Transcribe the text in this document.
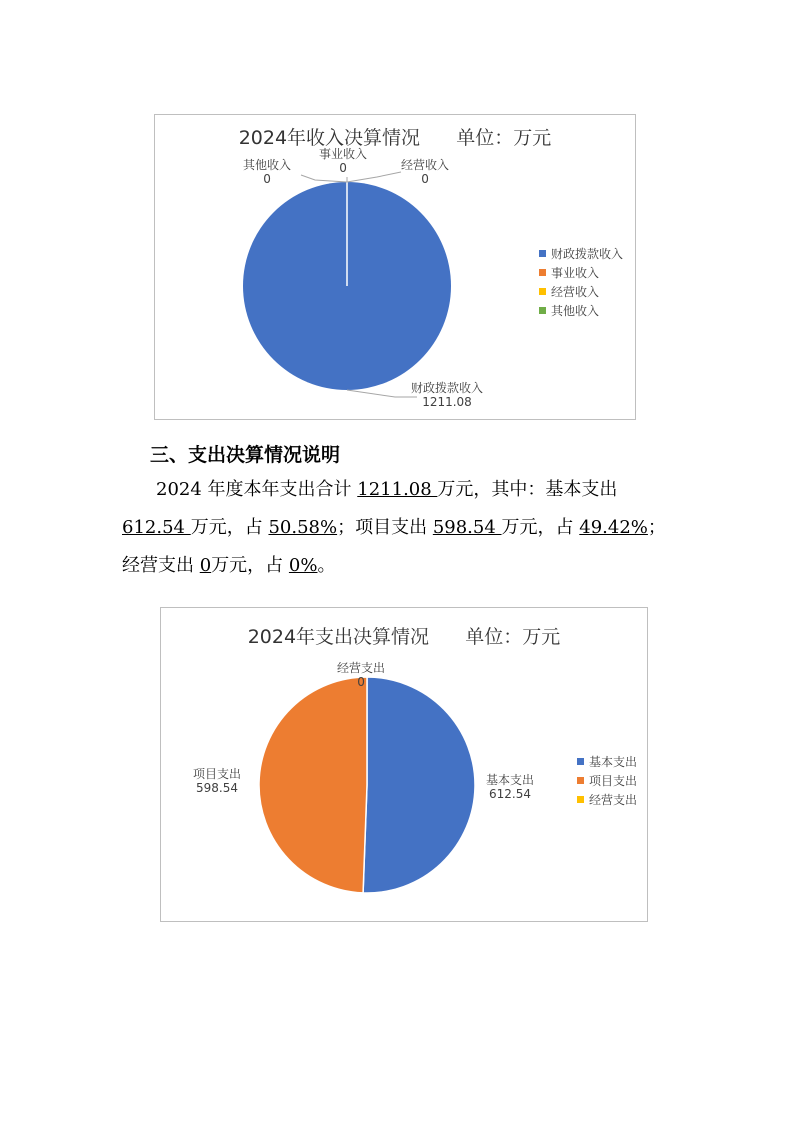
2024年收入决算情况      单位：万元
其他收入
0
事业收入
0	经营收入
0
财政拨款收入
1211.08
财政拨款收入
事业收入
经营收入
其他收入
三、支出决算情况说明
2024 年度本年支出合计 1211.08 万元，其中：基本支出
612.54 万元，占 50.58%；项目支出 598.54 万元，占 49.42%；
经营支出 0万元，占 0%。
2024年支出决算情况      单位：万元
经营支出
0
项目支出
598.54
基本支出
612.54
基本支出
项目支出
经营支出
